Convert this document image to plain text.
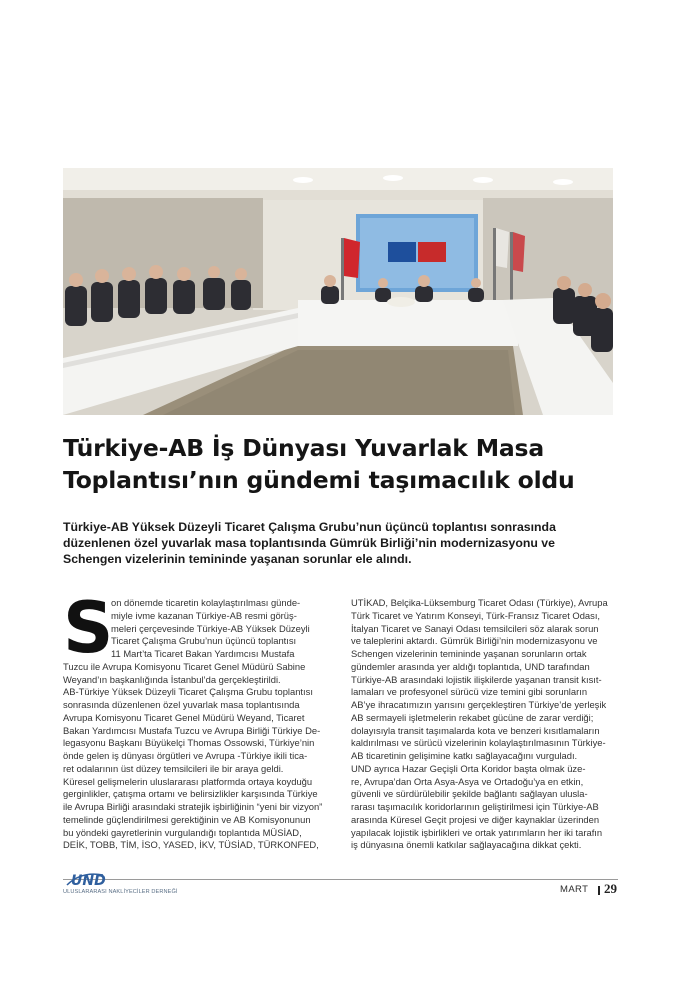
Türkiye-AB İş Dünyası Yuvarlak Masa
Toplantısı’nın gündemi taşımacılık oldu
Türkiye-AB Yüksek Düzeyli Ticaret Çalışma Grubu’nun üçüncü toplantısı sonrasında
düzenlenen özel yuvarlak masa toplantısında Gümrük Birliği’nin modernizasyonu ve
Schengen vizelerinin temininde yaşanan sorunlar ele alındı.
S
on dönemde ticaretin kolaylaştırılması günde-
miyle ivme kazanan Türkiye-AB resmi görüş-
meleri çerçevesinde Türkiye-AB Yüksek Düzeyli
Ticaret Çalışma Grubu’nun üçüncü toplantısı
11 Mart’ta Ticaret Bakan Yardımcısı Mustafa
Tuzcu ile Avrupa Komisyonu Ticaret Genel Müdürü Sabine
Weyand’ın başkanlığında İstanbul’da gerçekleştirildi.
AB-Türkiye Yüksek Düzeyli Ticaret Çalışma Grubu toplantısı
sonrasında düzenlenen özel yuvarlak masa toplantısında
Avrupa Komisyonu Ticaret Genel Müdürü Weyand, Ticaret
Bakan Yardımcısı Mustafa Tuzcu ve Avrupa Birliği Türkiye De-
legasyonu Başkanı Büyükelçi Thomas Ossowski, Türkiye’nin
önde gelen iş dünyası örgütleri ve Avrupa -Türkiye ikili tica-
ret odalarının üst düzey temsilcileri ile bir araya geldi.
Küresel gelişmelerin uluslararası platformda ortaya koyduğu
gerginlikler, çatışma ortamı ve belirsizlikler karşısında Türkiye
ile Avrupa Birliği arasındaki stratejik işbirliğinin “yeni bir vizyon”
temelinde güçlendirilmesi gerektiğinin ve AB Komisyonunun
bu yöndeki gayretlerinin vurgulandığı toplantıda MÜSİAD,
DEİK, TOBB, TİM, İSO, YASED, İKV, TÜSİAD, TÜRKONFED,
UTİKAD, Belçika-Lüksemburg Ticaret Odası (Türkiye), Avrupa
Türk Ticaret ve Yatırım Konseyi, Türk-Fransız Ticaret Odası,
İtalyan Ticaret ve Sanayi Odası temsilcileri söz alarak sorun
ve taleplerini aktardı. Gümrük Birliği’nin modernizasyonu ve
Schengen vizelerinin temininde yaşanan sorunların ortak
gündemler arasında yer aldığı toplantıda, UND tarafından
Türkiye-AB arasındaki lojistik ilişkilerde yaşanan transit kısıt-
lamaları ve profesyonel sürücü vize temini gibi sorunların
AB’ye ihracatımızın yarısını gerçekleştiren Türkiye’de yerleşik
AB sermayeli işletmelerin rekabet gücüne de zarar verdiği;
dolayısıyla transit taşımalarda kota ve benzeri kısıtlamaların
kaldırılması ve sürücü vizelerinin kolaylaştırılmasının Türkiye-
AB ticaretinin gelişimine katkı sağlayacağını vurguladı.
UND ayrıca Hazar Geçişli Orta Koridor başta olmak üze-
re, Avrupa’dan Orta Asya-Asya ve Ortadoğu’ya en etkin,
güvenli ve sürdürülebilir şekilde bağlantı sağlayan ulusla-
rarası taşımacılık koridorlarının geliştirilmesi için Türkiye-AB
arasında Küresel Geçit projesi ve diğer kaynaklar üzerinden
yapılacak lojistik işbirlikleri ve ortak yatırımların her iki tarafın
iş dünyasına önemli katkılar sağlayacağına dikkat çekti.
UND
ULUSLARARASI NAKLİYECİLER DERNEĞİ	MART 29
